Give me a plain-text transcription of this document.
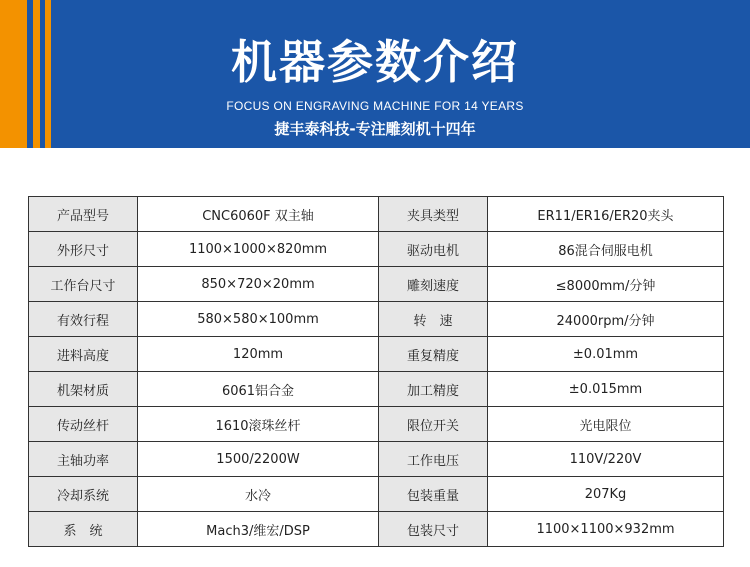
机器参数介绍
FOCUS ON ENGRAVING MACHINE FOR 14 YEARS
捷丰泰科技-专注雕刻机十四年
产品型号	CNC6060F 双主轴	夹具类型	ER11/ER16/ER20夹头
外形尺寸	1100×1000×820mm	驱动电机	86混合伺服电机
工作台尺寸	850×720×20mm	雕刻速度	≤8000mm/分钟
有效行程	580×580×100mm	转　速	24000rpm/分钟
进料高度	120mm	重复精度	±0.01mm
机架材质	6061铝合金	加工精度	±0.015mm
传动丝杆	1610滚珠丝杆	限位开关	光电限位
主轴功率	1500/2200W	工作电压	110V/220V
冷却系统	水冷	包装重量	207Kg
系　统	Mach3/维宏/DSP	包装尺寸	1100×1100×932mm
